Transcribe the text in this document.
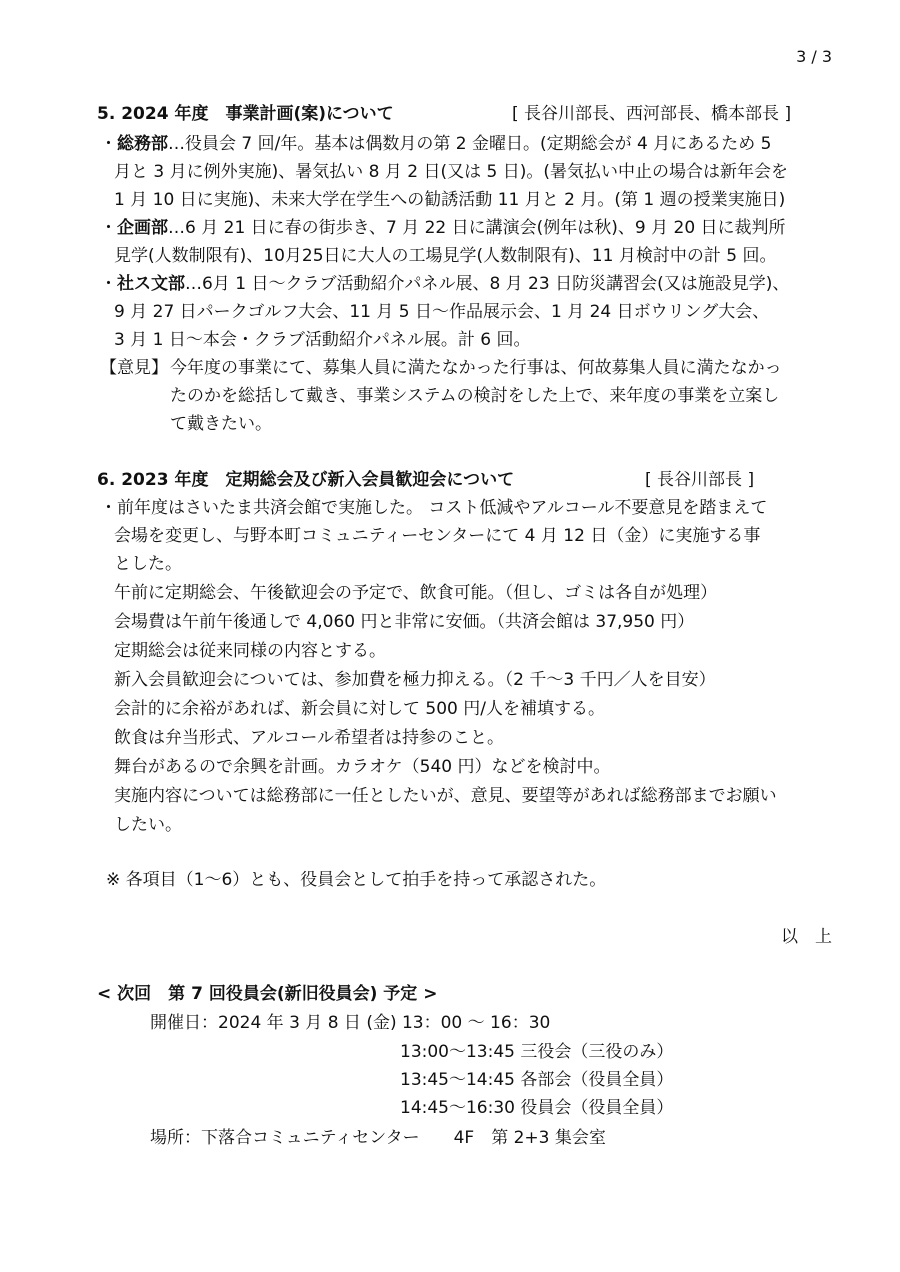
3 / 3
5. 2024 年度　事業計画(案)について	[ 長谷川部長、西河部長、橋本部長 ]
・総務部…役員会 7 回/年。基本は偶数月の第 2 金曜日。(定期総会が 4 月にあるため 5
月と 3 月に例外実施)、暑気払い 8 月 2 日(又は 5 日)。(暑気払い中止の場合は新年会を
1 月 10 日に実施)、未来大学在学生への勧誘活動 11 月と 2 月。(第 1 週の授業実施日)
・企画部…6 月 21 日に春の街歩き、7 月 22 日に講演会(例年は秋)、9 月 20 日に裁判所
見学(人数制限有)、10月25日に大人の工場見学(人数制限有)、11 月検討中の計 5 回。
・社ス文部…6月 1 日～クラブ活動紹介パネル展、8 月 23 日防災講習会(又は施設見学)、
9 月 27 日パークゴルフ大会、11 月 5 日～作品展示会、1 月 24 日ボウリング大会、
3 月 1 日～本会・クラブ活動紹介パネル展。計 6 回。
【意見】 今年度の事業にて、募集人員に満たなかった行事は、何故募集人員に満たなかっ
たのかを総括して戴き、事業システムの検討をした上で、来年度の事業を立案し
て戴きたい。
6. 2023 年度　定期総会及び新入会員歓迎会について	[ 長谷川部長 ]
・前年度はさいたま共済会館で実施した。 コスト低減やアルコール不要意見を踏まえて
会場を変更し、与野本町コミュニティーセンターにて 4 月 12 日（金）に実施する事
とした。
午前に定期総会、午後歓迎会の予定で、飲食可能。（但し、ゴミは各自が処理）
会場費は午前午後通しで 4,060 円と非常に安価。（共済会館は 37,950 円）
定期総会は従来同様の内容とする。
新入会員歓迎会については、参加費を極力抑える。（2 千～3 千円／人を目安）
会計的に余裕があれば、新会員に対して 500 円/人を補填する。
飲食は弁当形式、アルコール希望者は持参のこと。
舞台があるので余興を計画。カラオケ（540 円）などを検討中。
実施内容については総務部に一任としたいが、意見、要望等があれば総務部までお願い
したい。
※ 各項目（1～6）とも、役員会として拍手を持って承認された。
以　上
< 次回　第 7 回役員会(新旧役員会) 予定 >
開催日：2024 年 3 月 8 日 (金) 13：00 ～ 16：30
13:00～13:45 三役会（三役のみ）
13:45～14:45 各部会（役員全員）
14:45～16:30 役員会（役員全員）
場所：下落合コミュニティセンター　　4F　第 2+3 集会室
